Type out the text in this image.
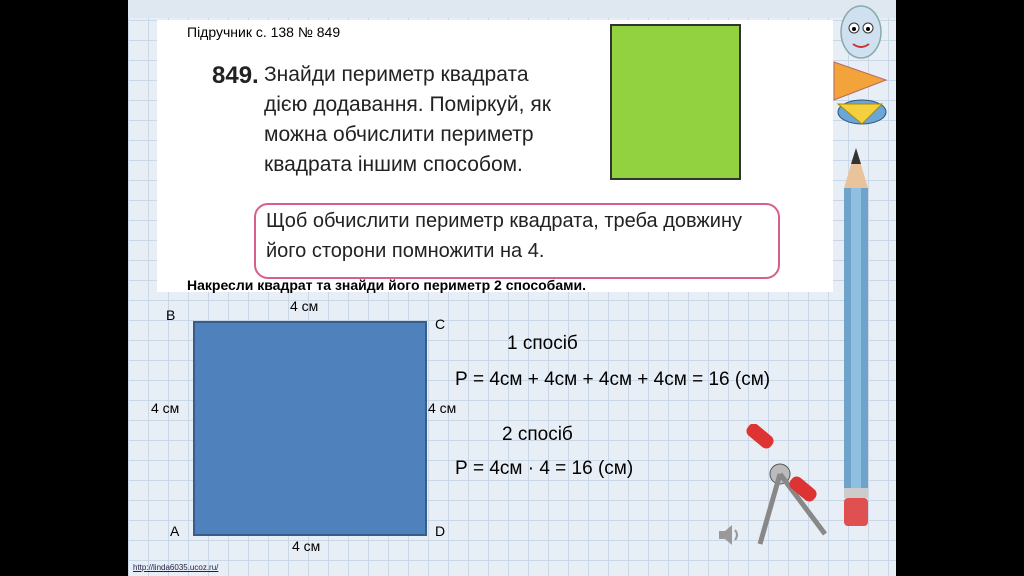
Підручник с. 138 № 849
849. Знайди периметр квадрата
дією додавання. Поміркуй, як
можна обчислити периметр
квадрата іншим способом.
Щоб обчислити периметр квадрата, треба довжину
його сторони помножити на 4.
Накресли квадрат та знайди його периметр 2 способами.
B
C
A	D
4 см
4 см	4 см
4 см
1 спосіб
Р = 4см + 4см + 4см + 4см = 16 (см)
2 спосіб
Р = 4см · 4 = 16 (см)
http://linda6035.ucoz.ru/
